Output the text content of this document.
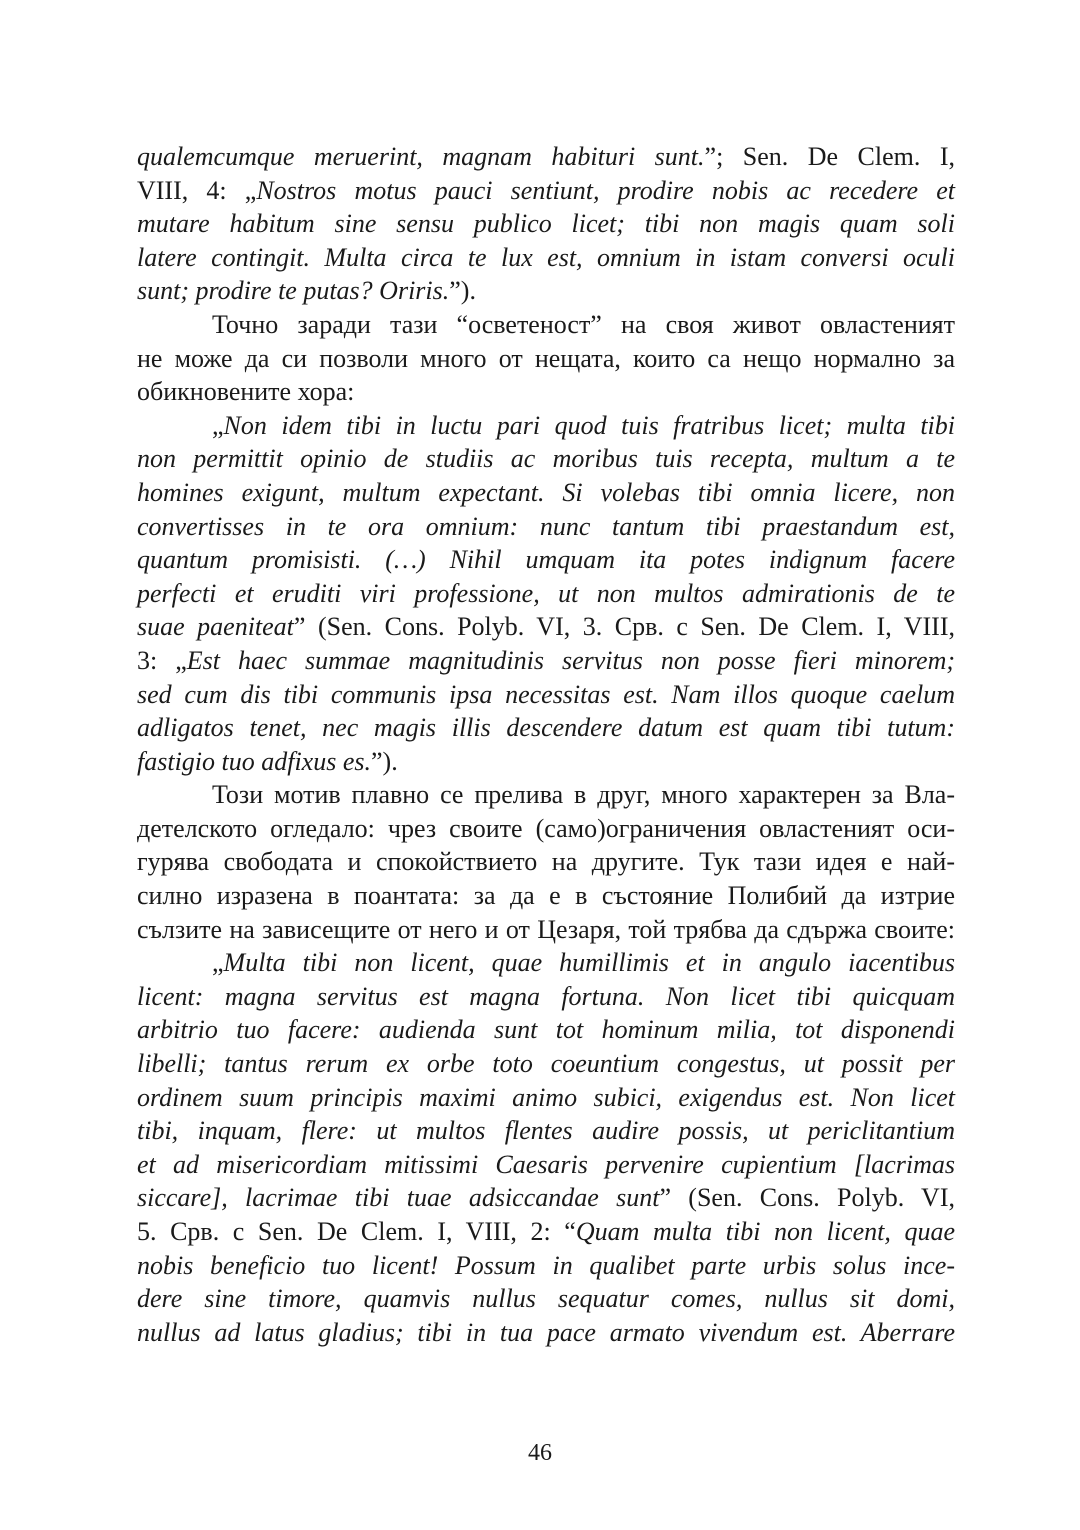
qualemcumque meruerint, magnam habituri sunt.”; Sen. De Clem. I,
VIII, 4: „Nostros motus pauci sentiunt, prodire nobis ac recedere et
mutare habitum sine sensu publico licet; tibi non magis quam soli
latere contingit. Multa circa te lux est, omnium in istam conversi oculi
sunt; prodire te putas? Oriris.”).
Точно заради тази “осветеност” на своя живот овластеният
не може да си позволи много от нещата, които са нещо нормално за
обикновените хора:
„Non idem tibi in luctu pari quod tuis fratribus licet; multa tibi
non permittit opinio de studiis ac moribus tuis recepta, multum a te
homines exigunt, multum expectant. Si volebas tibi omnia licere, non
convertisses in te ora omnium: nunc tantum tibi praestandum est,
quantum promisisti. (…) Nihil umquam ita potes indignum facere
perfecti et eruditi viri professione, ut non multos admirationis de te
suae paeniteat” (Sen. Cons. Polyb. VI, 3. Срв. с Sen. De Clem. I, VIII,
3: „Est haec summae magnitudinis servitus non posse fieri minorem;
sed cum dis tibi communis ipsa necessitas est. Nam illos quoque caelum
adligatos tenet, nec magis illis descendere datum est quam tibi tutum:
fastigio tuo adfixus es.”).
Този мотив плавно се прелива в друг, много характерен за Вла-
детелското огледало: чрез своите (само)ограничения овластеният оси-
гурява свободата и спокойствието на другите. Тук тази идея е най-
силно изразена в поантата: за да е в състояние Полибий да изтрие
сълзите на зависещите от него и от Цезаря, той трябва да сдържа своите:
„Multa tibi non licent, quae humillimis et in angulo iacentibus
licent: magna servitus est magna fortuna. Non licet tibi quicquam
arbitrio tuo facere: audienda sunt tot hominum milia, tot disponendi
libelli; tantus rerum ex orbe toto coeuntium congestus, ut possit per
ordinem suum principis maximi animo subici, exigendus est. Non licet
tibi, inquam, flere: ut multos flentes audire possis, ut periclitantium
et ad misericordiam mitissimi Caesaris pervenire cupientium [lacrimas
siccare], lacrimae tibi tuae adsiccandae sunt” (Sen. Cons. Polyb. VI,
5. Срв. с Sen. De Clem. I, VIII, 2: “Quam multa tibi non licent, quae
nobis beneficio tuo licent! Possum in qualibet parte urbis solus ince-
dere sine timore, quamvis nullus sequatur comes, nullus sit domi,
nullus ad latus gladius; tibi in tua pace armato vivendum est. Aberrare
46
